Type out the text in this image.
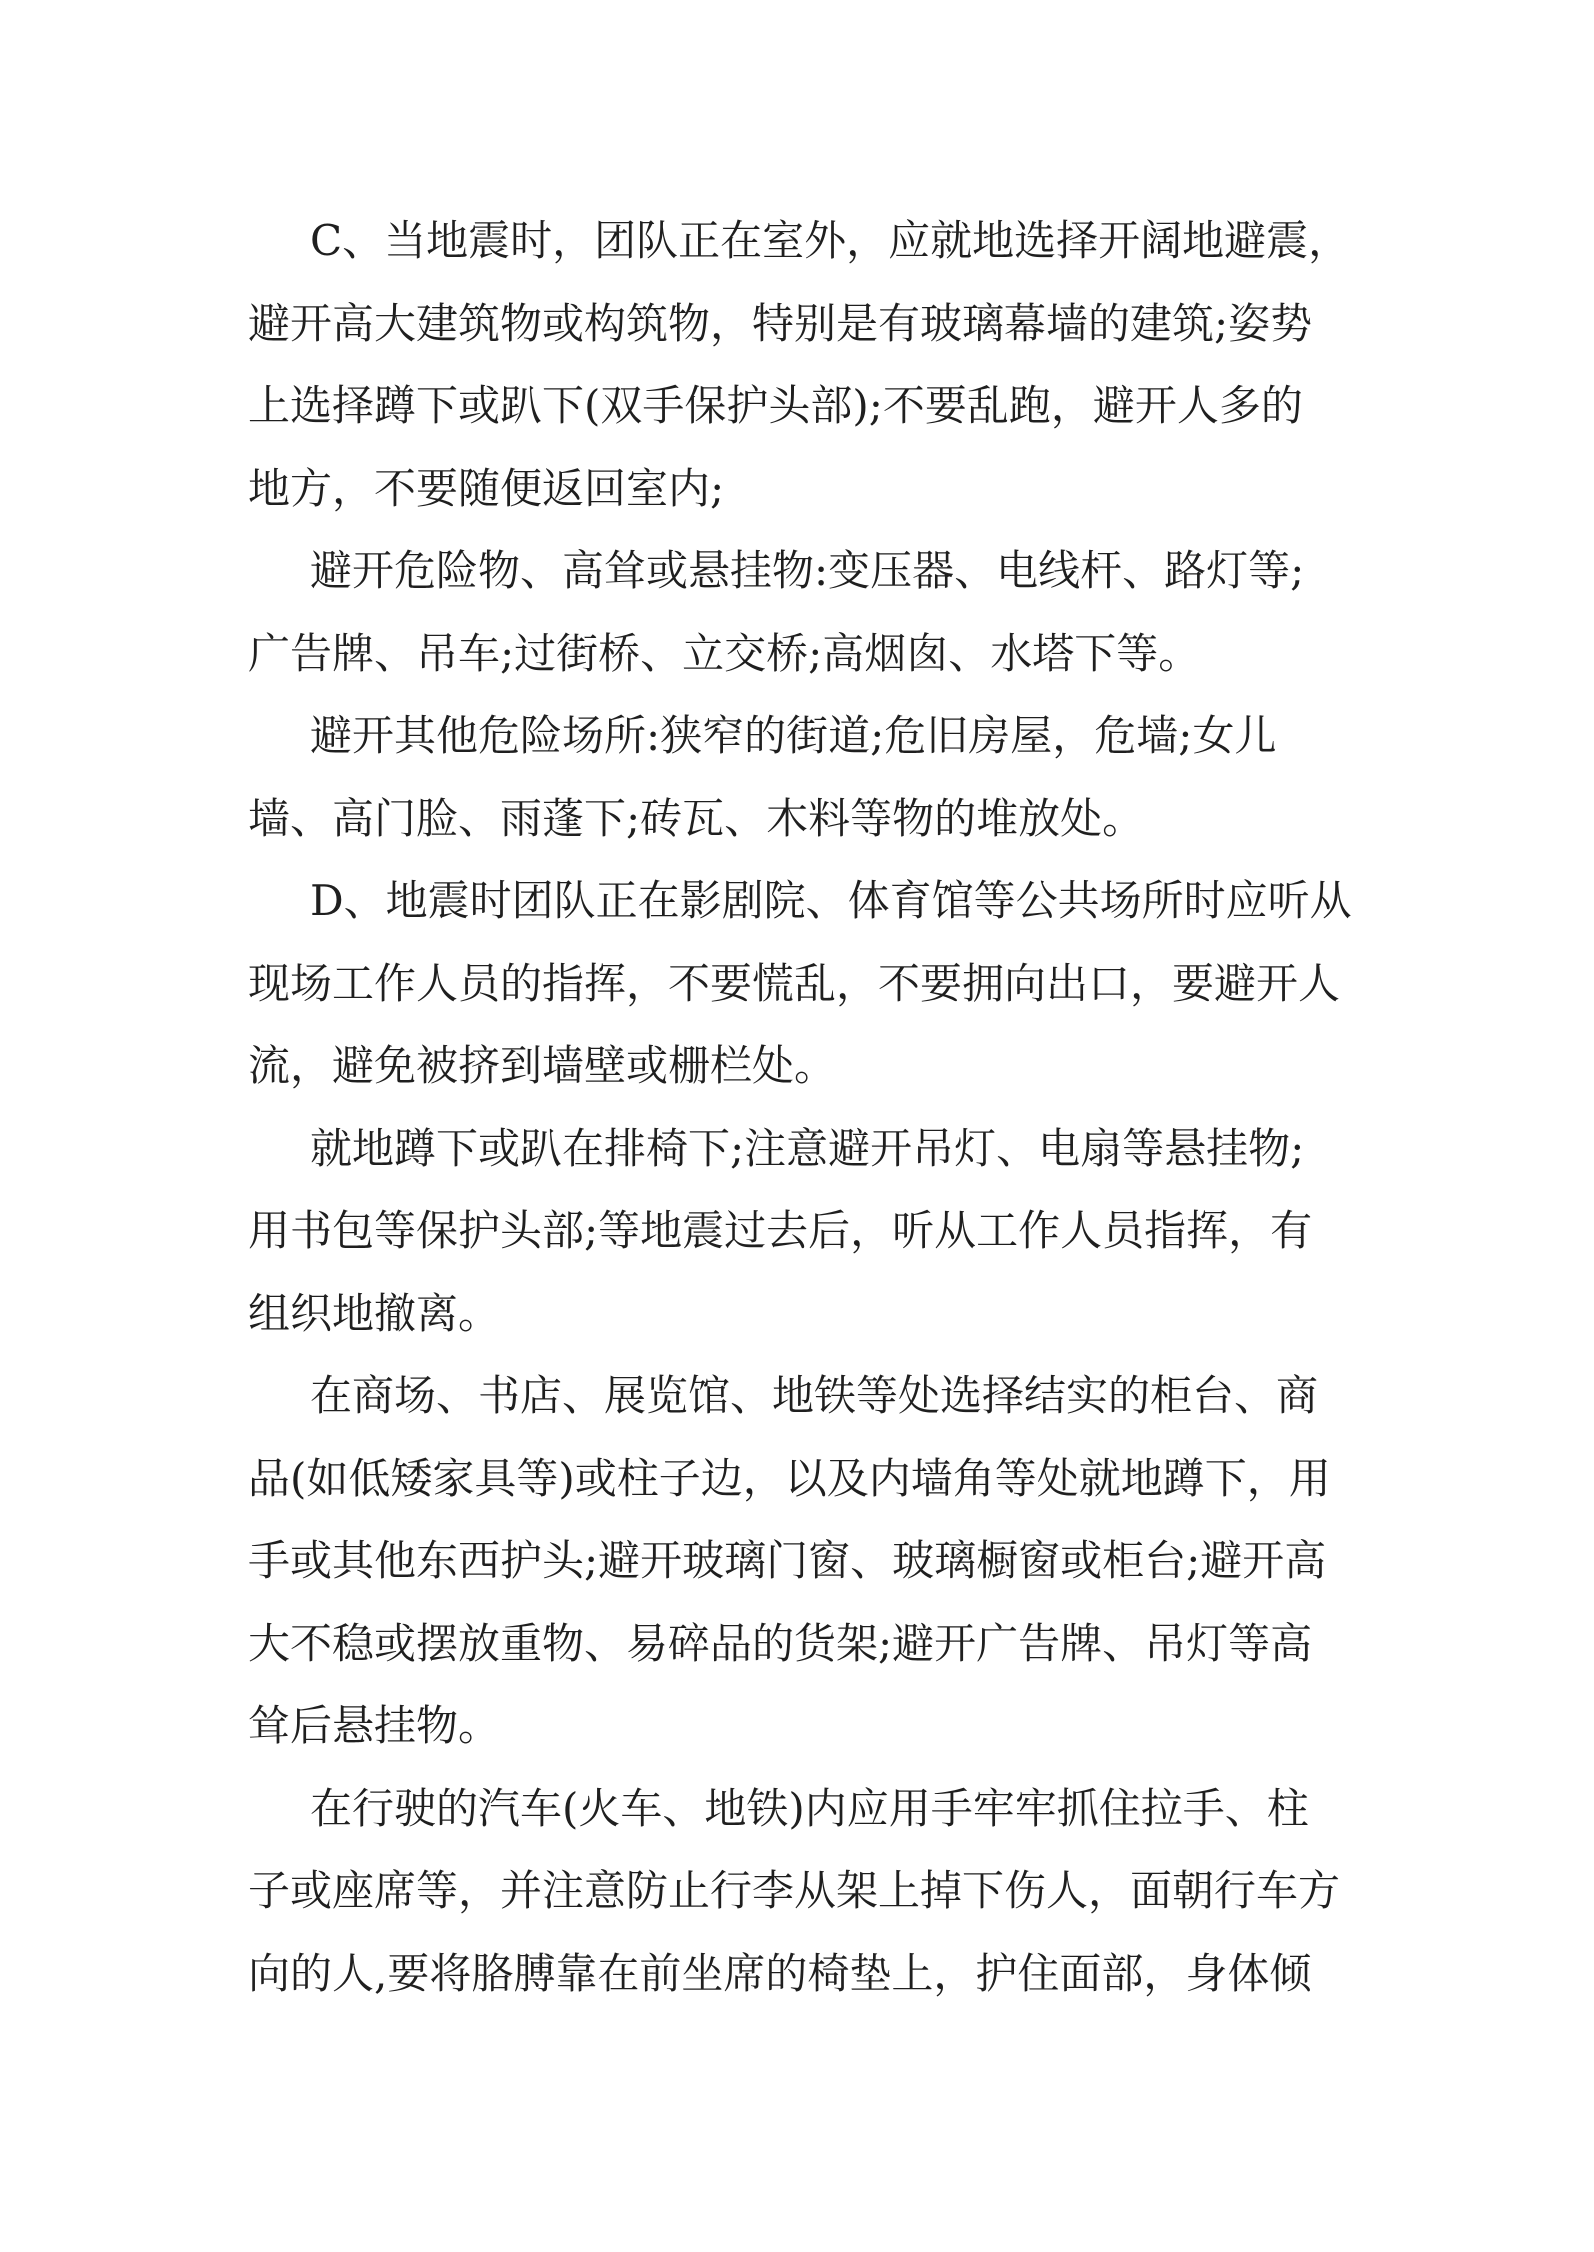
C、当地震时，团队正在室外，应就地选择开阔地避震，
避开高大建筑物或构筑物，特别是有玻璃幕墙的建筑;姿势
上选择蹲下或趴下(双手保护头部);不要乱跑，避开人多的
地方，不要随便返回室内;
避开危险物、高耸或悬挂物:变压器、电线杆、路灯等;
广告牌、吊车;过街桥、立交桥;高烟囱、水塔下等。
避开其他危险场所:狭窄的街道;危旧房屋，危墙;女儿
墙、高门脸、雨蓬下;砖瓦、木料等物的堆放处。
D、地震时团队正在影剧院、体育馆等公共场所时应听从
现场工作人员的指挥，不要慌乱，不要拥向出口，要避开人
流，避免被挤到墙壁或栅栏处。
就地蹲下或趴在排椅下;注意避开吊灯、电扇等悬挂物;
用书包等保护头部;等地震过去后，听从工作人员指挥，有
组织地撤离。
在商场、书店、展览馆、地铁等处选择结实的柜台、商
品(如低矮家具等)或柱子边，以及内墙角等处就地蹲下，用
手或其他东西护头;避开玻璃门窗、玻璃橱窗或柜台;避开高
大不稳或摆放重物、易碎品的货架;避开广告牌、吊灯等高
耸后悬挂物。
在行驶的汽车(火车、地铁)内应用手牢牢抓住拉手、柱
子或座席等，并注意防止行李从架上掉下伤人，面朝行车方
向的人,要将胳膊靠在前坐席的椅垫上，护住面部，身体倾
